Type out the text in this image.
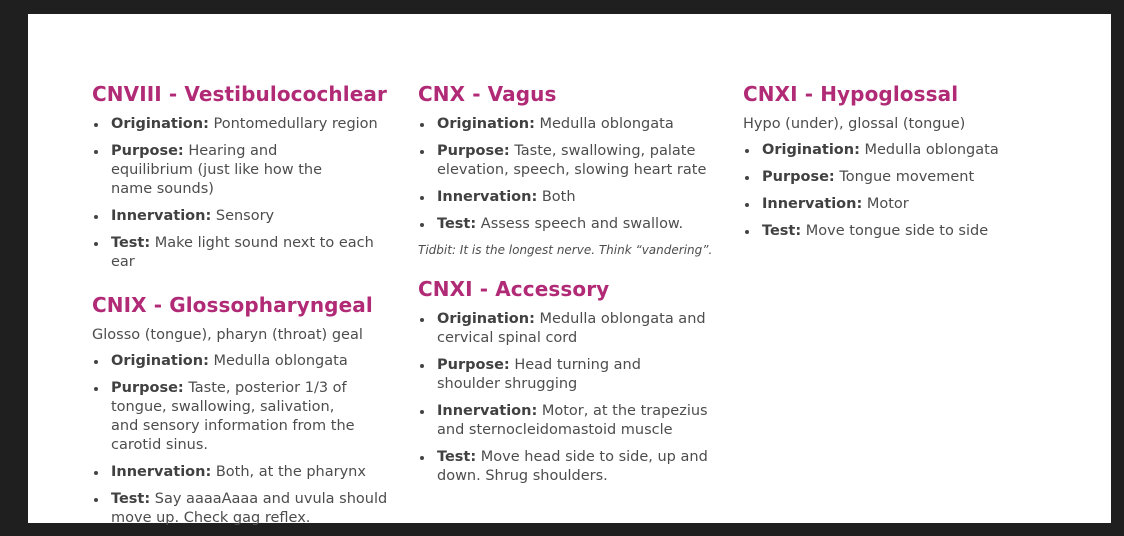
CNVIII - Vestibulocochlear
Origination: Pontomedullary region
Purpose: Hearing and equilibrium (just like how the name sounds)
Innervation: Sensory
Test: Make light sound next to each ear
CNIX - Glossopharyngeal

Glosso (tongue), pharyn (throat) geal

Origination: Medulla oblongata
Purpose: Taste, posterior 1/3 of tongue, swallowing, salivation, and sensory information from the carotid sinus.
Innervation: Both, at the pharynx
Test: Say aaaaAaaa and uvula should move up. Check gag reflex.
CNX - Vagus
Origination: Medulla oblongata
Purpose: Taste, swallowing, palate elevation, speech, slowing heart rate
Innervation: Both
Test: Assess speech and swallow.

Tidbit: It is the longest nerve. Think “vandering”.

CNXI - Accessory
Origination: Medulla oblongata and cervical spinal cord
Purpose: Head turning and shoulder shrugging
Innervation: Motor, at the trapezius and sternocleidomastoid muscle
Test: Move head side to side, up and down. Shrug shoulders.
CNXI - Hypoglossal

Hypo (under), glossal (tongue)

Origination: Medulla oblongata
Purpose: Tongue movement
Innervation: Motor
Test: Move tongue side to side
